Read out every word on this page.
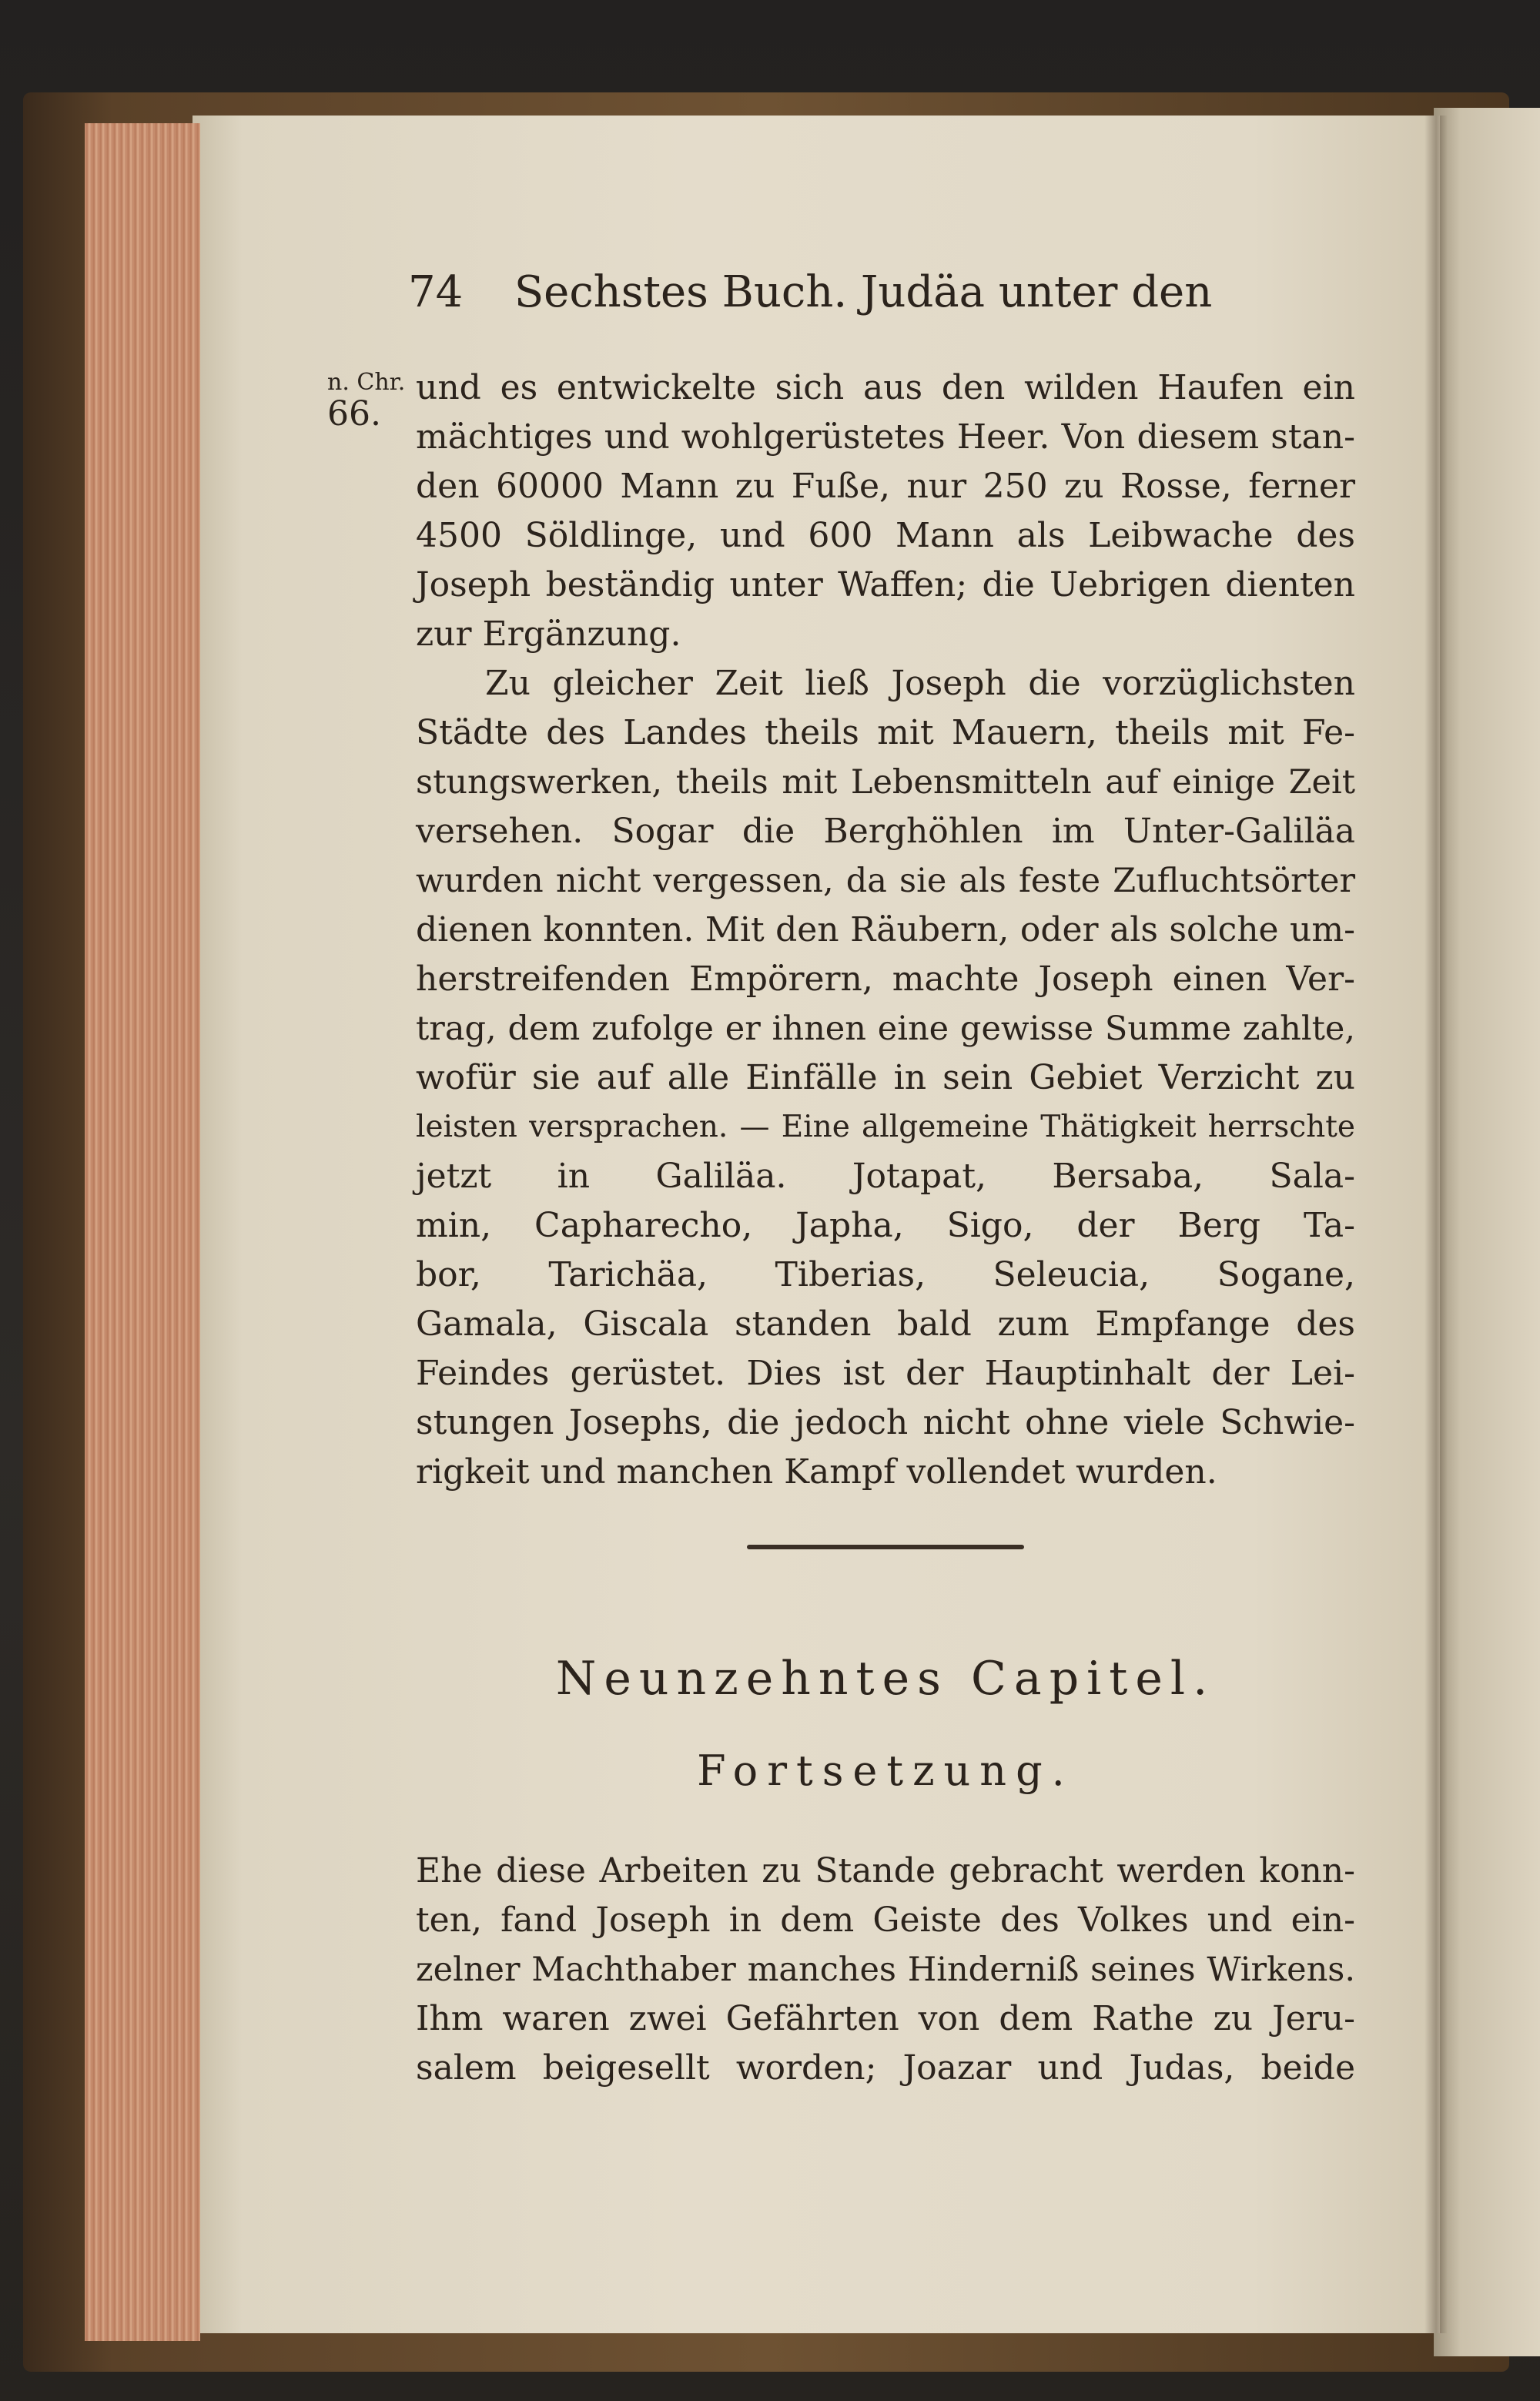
74 Sechstes Buch. Judäa unter den
n. Chr.
66.
und es entwickelte sich aus den wilden Haufen ein
mächtiges und wohlgerüstetes Heer. Von diesem stan-
den 60000 Mann zu Fuße, nur 250 zu Rosse, ferner
4500 Söldlinge, und 600 Mann als Leibwache des
Joseph beständig unter Waffen; die Uebrigen dienten
zur Ergänzung.
Zu gleicher Zeit ließ Joseph die vorzüglichsten
Städte des Landes theils mit Mauern, theils mit Fe-
stungswerken, theils mit Lebensmitteln auf einige Zeit
versehen. Sogar die Berghöhlen im Unter-Galiläa
wurden nicht vergessen, da sie als feste Zufluchtsörter
dienen konnten. Mit den Räubern, oder als solche um-
herstreifenden Empörern, machte Joseph einen Ver-
trag, dem zufolge er ihnen eine gewisse Summe zahlte,
wofür sie auf alle Einfälle in sein Gebiet Verzicht zu
leisten versprachen. — Eine allgemeine Thätigkeit herrschte
jetzt in Galiläa. Jotapat, Bersaba, Sala-
min, Capharecho, Japha, Sigo, der Berg Ta-
bor, Tarichäa, Tiberias, Seleucia, Sogane,
Gamala, Giscala standen bald zum Empfange des
Feindes gerüstet. Dies ist der Hauptinhalt der Lei-
stungen Josephs, die jedoch nicht ohne viele Schwie-
rigkeit und manchen Kampf vollendet wurden.
Neunzehntes Capitel.
Fortsetzung.
Ehe diese Arbeiten zu Stande gebracht werden konn-
ten, fand Joseph in dem Geiste des Volkes und ein-
zelner Machthaber manches Hinderniß seines Wirkens.
Ihm waren zwei Gefährten von dem Rathe zu Jeru-
salem beigesellt worden; Joazar und Judas, beide
